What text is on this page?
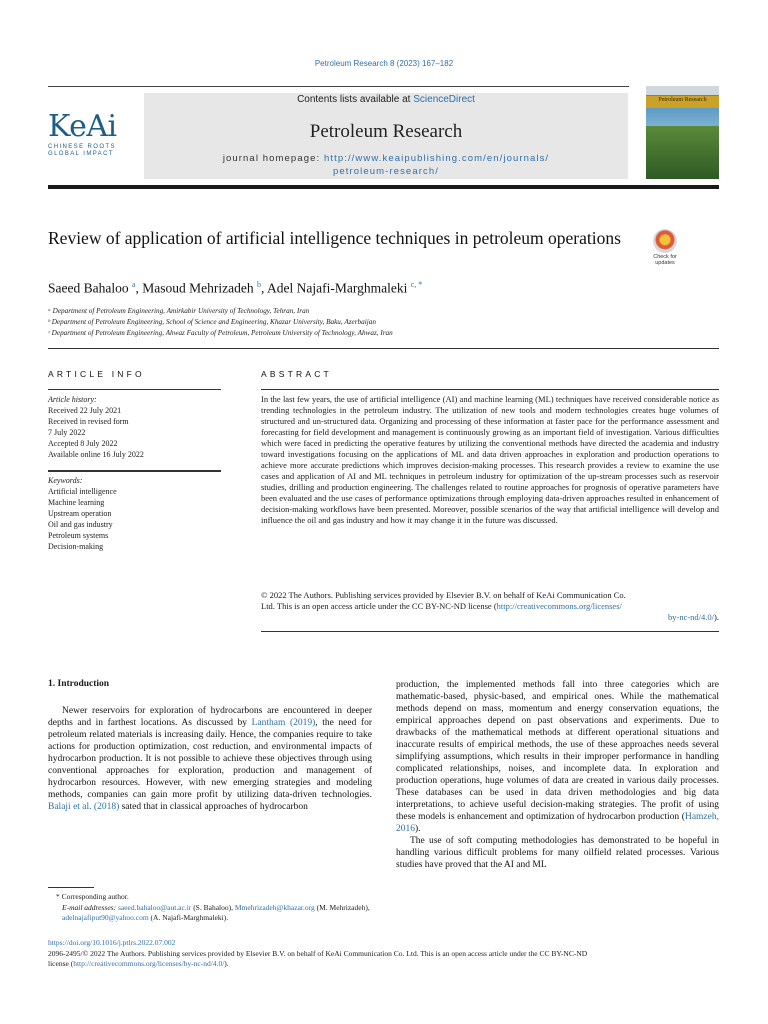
Petroleum Research 8 (2023) 167–182
KeAi
CHINESE ROOTS
GLOBAL IMPACT
Contents lists available at ScienceDirect
Petroleum Research
journal homepage: http://www.keaipublishing.com/en/journals/
petroleum-research/
Petroleum Research
Review of application of artificial intelligence techniques in petroleum operations
Check for
updates
Saeed Bahaloo $^a$, Masoud Mehrizadeh $^b$, Adel Najafi-Marghmaleki $^{c, *}$
ᵃ Department of Petroleum Engineering, Amirkabir University of Technology, Tehran, Iran
ᵇ Department of Petroleum Engineering, School of Science and Engineering, Khazar University, Baku, Azerbaijan
ᶜ Department of Petroleum Engineering, Ahwaz Faculty of Petroleum, Petroleum University of Technology, Ahwaz, Iran
ARTICLE INFO	ABSTRACT
Article history:
Received 22 July 2021
Received in revised form
7 July 2022
Accepted 8 July 2022
Available online 16 July 2022
Keywords:
Artificial intelligence
Machine learning
Upstream operation
Oil and gas industry
Petroleum systems
Decision-making
In the last few years, the use of artificial intelligence (AI) and machine learning (ML) techniques have received considerable notice as trending technologies in the petroleum industry. The utilization of new tools and modern technologies creates huge volumes of structured and un-structured data. Organizing and processing of these information at faster pace for the performance assessment and forecasting for field development and management is continuously growing as an important field of investigation. Various difficulties which were faced in predicting the operative features by utilizing the conventional methods have directed the academia and industry toward investigations focusing on the applications of ML and data driven approaches in exploration and production operations to achieve more accurate predictions which improves decision-making processes. This research provides a review to examine the use cases and application of AI and ML techniques in petroleum industry for optimization of the up-stream processes such as reservoir studies, drilling and production engineering. The challenges related to routine approaches for prognosis of operative parameters have been evaluated and the use cases of performance optimizations through employing data-driven approaches resulted in enhancement of decision-making workflows have been presented. Moreover, possible scenarios of the way that artificial intelligence will develop and influence the oil and gas industry and how it may change it in the future was discussed.
© 2022 The Authors. Publishing services provided by Elsevier B.V. on behalf of KeAi Communication Co.
Ltd. This is an open access article under the CC BY-NC-ND license (http://creativecommons.org/licenses/
by-nc-nd/4.0/).
1. Introduction
Newer reservoirs for exploration of hydrocarbons are encountered in deeper depths and in farthest locations. As discussed by Lantham (2019), the need for petroleum related materials is increasing daily. Hence, the companies require to take actions for production optimization, cost reduction, and environmental impacts of hydrocarbon production. It is not possible to achieve these objectives through using conventional approaches for exploration, production and management of hydrocarbon resources. However, with new emerging strategies and modeling methods, companies can gain more profit by utilizing data-driven technologies. Balaji et al. (2018) sated that in classical approaches of hydrocarbon
production, the implemented methods fall into three categories which are mathematic-based, physic-based, and empirical ones. While the mathematical methods depend on mass, momentum and energy conservation equations, the empirical approaches depend on past observations and experiments. Due to drawbacks of the mathematical methods at different operational situations and inaccurate results of empirical methods, the use of these approaches needs several simplifying assumptions, which results in their improper performance in handling complicated relationships, noises, and incomplete data. In exploration and production operations, huge volumes of data are created in various daily processes. These databases can be used in data driven methodologies and big data interpretations, to achieve useful decision-making strategies. The profit of using these models is enhancement and optimization of hydrocarbon production (Hamzeh, 2016).
The use of soft computing methodologies has demonstrated to be hopeful in handling various difficult problems for many oilfield related processes. Various studies have proved that the AI and ML
* Corresponding author.
E-mail addresses: saeed.bahaloo@aut.ac.ir (S. Bahaloo), Mmehrizadeh@khazar.org (M. Mehrizadeh), adelnajafiput90@yahoo.com (A. Najafi-Marghmaleki).
https://doi.org/10.1016/j.ptlrs.2022.07.002
2096-2495/© 2022 The Authors. Publishing services provided by Elsevier B.V. on behalf of KeAi Communication Co. Ltd. This is an open access article under the CC BY-NC-ND
license (http://creativecommons.org/licenses/by-nc-nd/4.0/).
